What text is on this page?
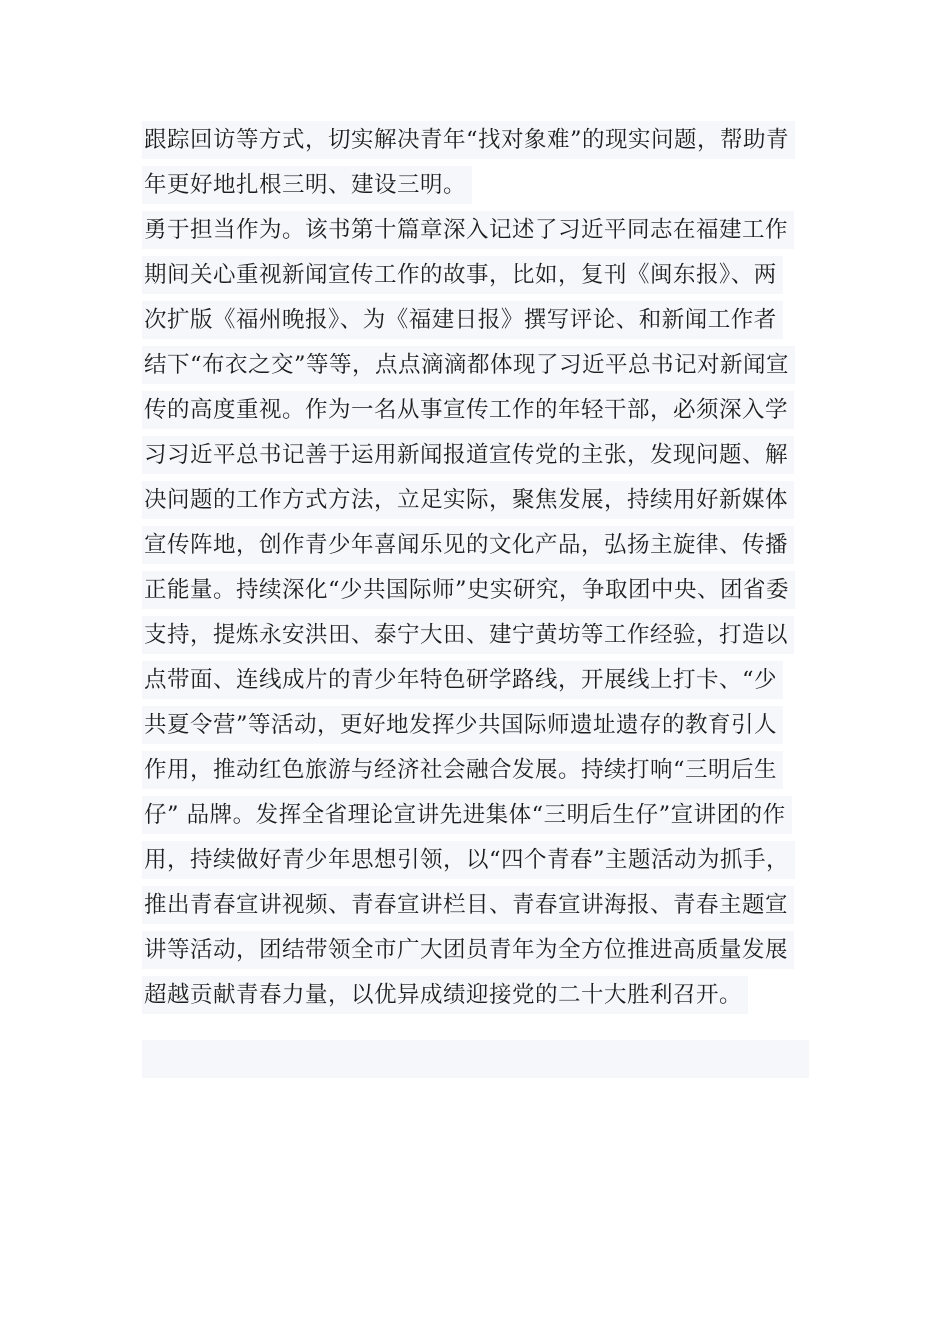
跟踪回访等方式，切实解决青年“找对象难”的现实问题，帮助青
年更好地扎根三明、建设三明。
勇于担当作为。该书第十篇章深入记述了习近平同志在福建工作
期间关心重视新闻宣传工作的故事，比如，复刊《闽东报》、两
次扩版《福州晚报》、为《福建日报》撰写评论、和新闻工作者
结下“布衣之交”等等，点点滴滴都体现了习近平总书记对新闻宣
传的高度重视。作为一名从事宣传工作的年轻干部，必须深入学
习习近平总书记善于运用新闻报道宣传党的主张，发现问题、解
决问题的工作方式方法，立足实际，聚焦发展，持续用好新媒体
宣传阵地，创作青少年喜闻乐见的文化产品，弘扬主旋律、传播
正能量。持续深化“少共国际师”史实研究，争取团中央、团省委
支持，提炼永安洪田、泰宁大田、建宁黄坊等工作经验，打造以
点带面、连线成片的青少年特色研学路线，开展线上打卡、“少
共夏令营”等活动，更好地发挥少共国际师遗址遗存的教育引人
作用，推动红色旅游与经济社会融合发展。持续打响“三明后生
仔” 品牌。发挥全省理论宣讲先进集体“三明后生仔”宣讲团的作
用，持续做好青少年思想引领，以“四个青春”主题活动为抓手，
推出青春宣讲视频、青春宣讲栏目、青春宣讲海报、青春主题宣
讲等活动，团结带领全市广大团员青年为全方位推进高质量发展
超越贡献青春力量，以优异成绩迎接党的二十大胜利召开。
